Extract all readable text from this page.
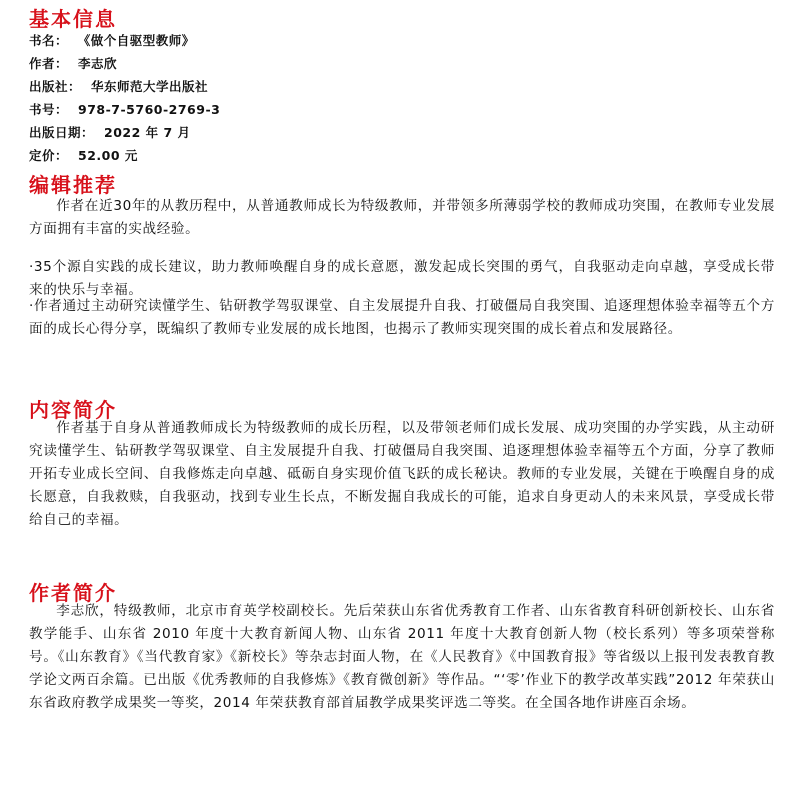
基本信息
书名： 《做个自驱型教师》
作者： 李志欣
出版社： 华东师范大学出版社
书号： 978-7-5760-2769-3
出版日期： 2022 年 7 月
定价： 52.00 元
编辑推荐

作者在近30年的从教历程中，从普通教师成长为特级教师，并带领多所薄弱学校的教师成功突围，在教师专业发展方面拥有丰富的实战经验。

·35个源自实践的成长建议，助力教师唤醒自身的成长意愿，激发起成长突围的勇气，自我驱动走向卓越，享受成长带来的快乐与幸福。

·作者通过主动研究读懂学生、钻研教学驾驭课堂、自主发展提升自我、打破僵局自我突围、追逐理想体验幸福等五个方面的成长心得分享，既编织了教师专业发展的成长地图，也揭示了教师实现突围的成长着点和发展路径。

内容简介

作者基于自身从普通教师成长为特级教师的成长历程，以及带领老师们成长发展、成功突围的办学实践，从主动研究读懂学生、钻研教学驾驭课堂、自主发展提升自我、打破僵局自我突围、追逐理想体验幸福等五个方面，分享了教师开拓专业成长空间、自我修炼走向卓越、砥砺自身实现价值飞跃的成长秘诀。教师的专业发展，关键在于唤醒自身的成长愿意，自我救赎，自我驱动，找到专业生长点，不断发掘自我成长的可能，追求自身更动人的未来风景，享受成长带给自己的幸福。

作者简介

李志欣，特级教师，北京市育英学校副校长。先后荣获山东省优秀教育工作者、山东省教育科研创新校长、山东省教学能手、山东省 2010 年度十大教育新闻人物、山东省 2011 年度十大教育创新人物（校长系列）等多项荣誉称号。《山东教育》《当代教育家》《新校长》等杂志封面人物，在《人民教育》《中国教育报》等省级以上报刊发表教育教学论文两百余篇。已出版《优秀教师的自我修炼》《教育微创新》等作品。“‘零’作业下的教学改革实践”2012 年荣获山东省政府教学成果奖一等奖，2014 年荣获教育部首届教学成果奖评选二等奖。在全国各地作讲座百余场。
